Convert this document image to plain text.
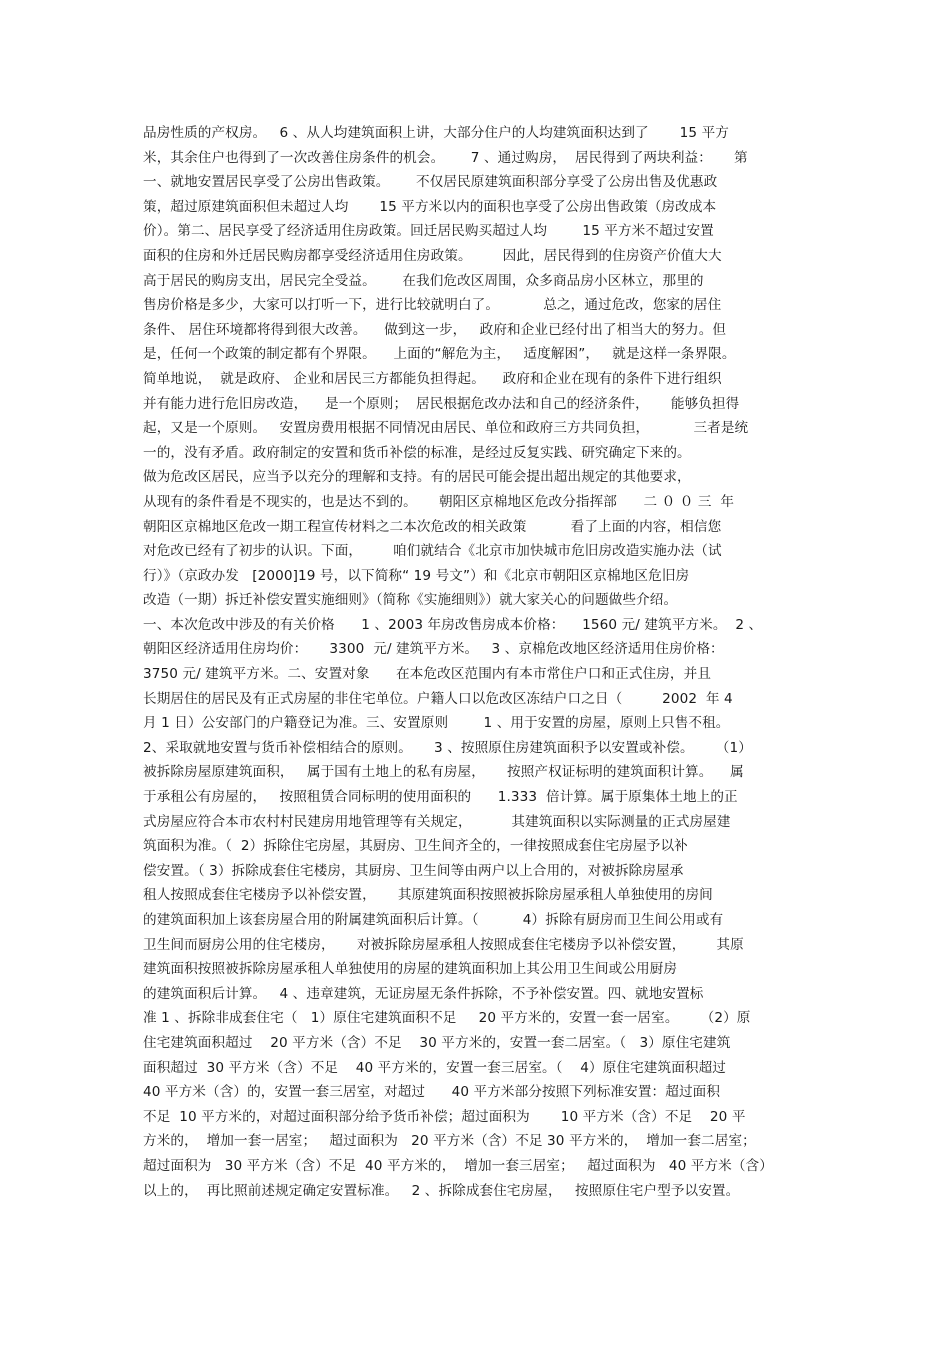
品房性质的产权房。   6 、从人均建筑面积上讲，大部分住户的人均建筑面积达到了       15 平方
米，其余住户也得到了一次改善住房条件的机会。      7 、通过购房，  居民得到了两块利益：     第
一、就地安置居民享受了公房出售政策。      不仅居民原建筑面积部分享受了公房出售及优惠政
策，超过原建筑面积但未超过人均       15 平方米以内的面积也享受了公房出售政策（房改成本
价）。第二、居民享受了经济适用住房政策。回迁居民购买超过人均        15 平方米不超过安置
面积的住房和外迁居民购房都享受经济适用住房政策。       因此，居民得到的住房资产价值大大
高于居民的购房支出，居民完全受益。      在我们危改区周围，众多商品房小区林立，那里的
售房价格是多少，大家可以打听一下，进行比较就明白了。          总之，通过危改，您家的居住
条件、 居住环境都将得到很大改善。    做到这一步，   政府和企业已经付出了相当大的努力。但
是，任何一个政策的制定都有个界限。    上面的“解危为主，   适度解困”，   就是这样一条界限。
简单地说，  就是政府、 企业和居民三方都能负担得起。    政府和企业在现有的条件下进行组织
并有能力进行危旧房改造，    是一个原则；  居民根据危改办法和自己的经济条件，     能够负担得
起，又是一个原则。   安置房费用根据不同情况由居民、单位和政府三方共同负担，          三者是统
一的，没有矛盾。政府制定的安置和货币补偿的标准，是经过反复实践、研究确定下来的。
做为危改区居民，应当予以充分的理解和支持。有的居民可能会提出超出规定的其他要求，
从现有的条件看是不现实的，也是达不到的。     朝阳区京棉地区危改分指挥部      二 ０ ０ 三  年
朝阳区京棉地区危改一期工程宣传材料之二本次危改的相关政策          看了上面的内容，相信您
对危改已经有了初步的认识。下面，       咱们就结合《北京市加快城市危旧房改造实施办法（试
行）》（京政办发   [2000]19 号，以下简称“ 19 号文”）和《北京市朝阳区京棉地区危旧房
改造（一期）拆迁补偿安置实施细则》（简称《实施细则》）就大家关心的问题做些介绍。
一、本次危改中涉及的有关价格      1 、2003 年房改售房成本价格：    1560 元/ 建筑平方米。  2 、
朝阳区经济适用住房均价：     3300  元/ 建筑平方米。   3 、京棉危改地区经济适用住房价格：
3750 元/ 建筑平方米。二、安置对象      在本危改区范围内有本市常住户口和正式住房，并且
长期居住的居民及有正式房屋的非住宅单位。户籍人口以危改区冻结户口之日（         2002  年 4
月 1 日）公安部门的户籍登记为准。三、安置原则        1 、用于安置的房屋，原则上只售不租。
2、采取就地安置与货币补偿相结合的原则。     3 、按照原住房建筑面积予以安置或补偿。     （1）
被拆除房屋原建筑面积，   属于国有土地上的私有房屋，     按照产权证标明的建筑面积计算。    属
于承租公有房屋的，   按照租赁合同标明的使用面积的      1.333  倍计算。属于原集体土地上的正
式房屋应符合本市农村村民建房用地管理等有关规定，         其建筑面积以实际测量的正式房屋建
筑面积为准。（  2）拆除住宅房屋，其厨房、卫生间齐全的，一律按照成套住宅房屋予以补
偿安置。（ 3）拆除成套住宅楼房，其厨房、卫生间等由两户以上合用的，对被拆除房屋承
租人按照成套住宅楼房予以补偿安置，     其原建筑面积按照被拆除房屋承租人单独使用的房间
的建筑面积加上该套房屋合用的附属建筑面积后计算。（          4）拆除有厨房而卫生间公用或有
卫生间而厨房公用的住宅楼房，     对被拆除房屋承租人按照成套住宅楼房予以补偿安置，       其原
建筑面积按照被拆除房屋承租人单独使用的房屋的建筑面积加上其公用卫生间或公用厨房
的建筑面积后计算。   4 、违章建筑，无证房屋无条件拆除，不予补偿安置。四、就地安置标
准 1 、拆除非成套住宅（   1）原住宅建筑面积不足     20 平方米的，安置一套一居室。     （2）原
住宅建筑面积超过    20 平方米（含）不足    30 平方米的，安置一套二居室。（   3）原住宅建筑
面积超过  30 平方米（含）不足    40 平方米的，安置一套三居室。（    4）原住宅建筑面积超过
40 平方米（含）的，安置一套三居室，对超过      40 平方米部分按照下列标准安置：超过面积
不足  10 平方米的，对超过面积部分给予货币补偿；超过面积为       10 平方米（含）不足    20 平
方米的，  增加一套一居室；   超过面积为   20 平方米（含）不足 30 平方米的，  增加一套二居室；
超过面积为   30 平方米（含）不足  40 平方米的，  增加一套三居室；   超过面积为   40 平方米（含）
以上的，  再比照前述规定确定安置标准。   2 、拆除成套住宅房屋，   按照原住宅户型予以安置。
